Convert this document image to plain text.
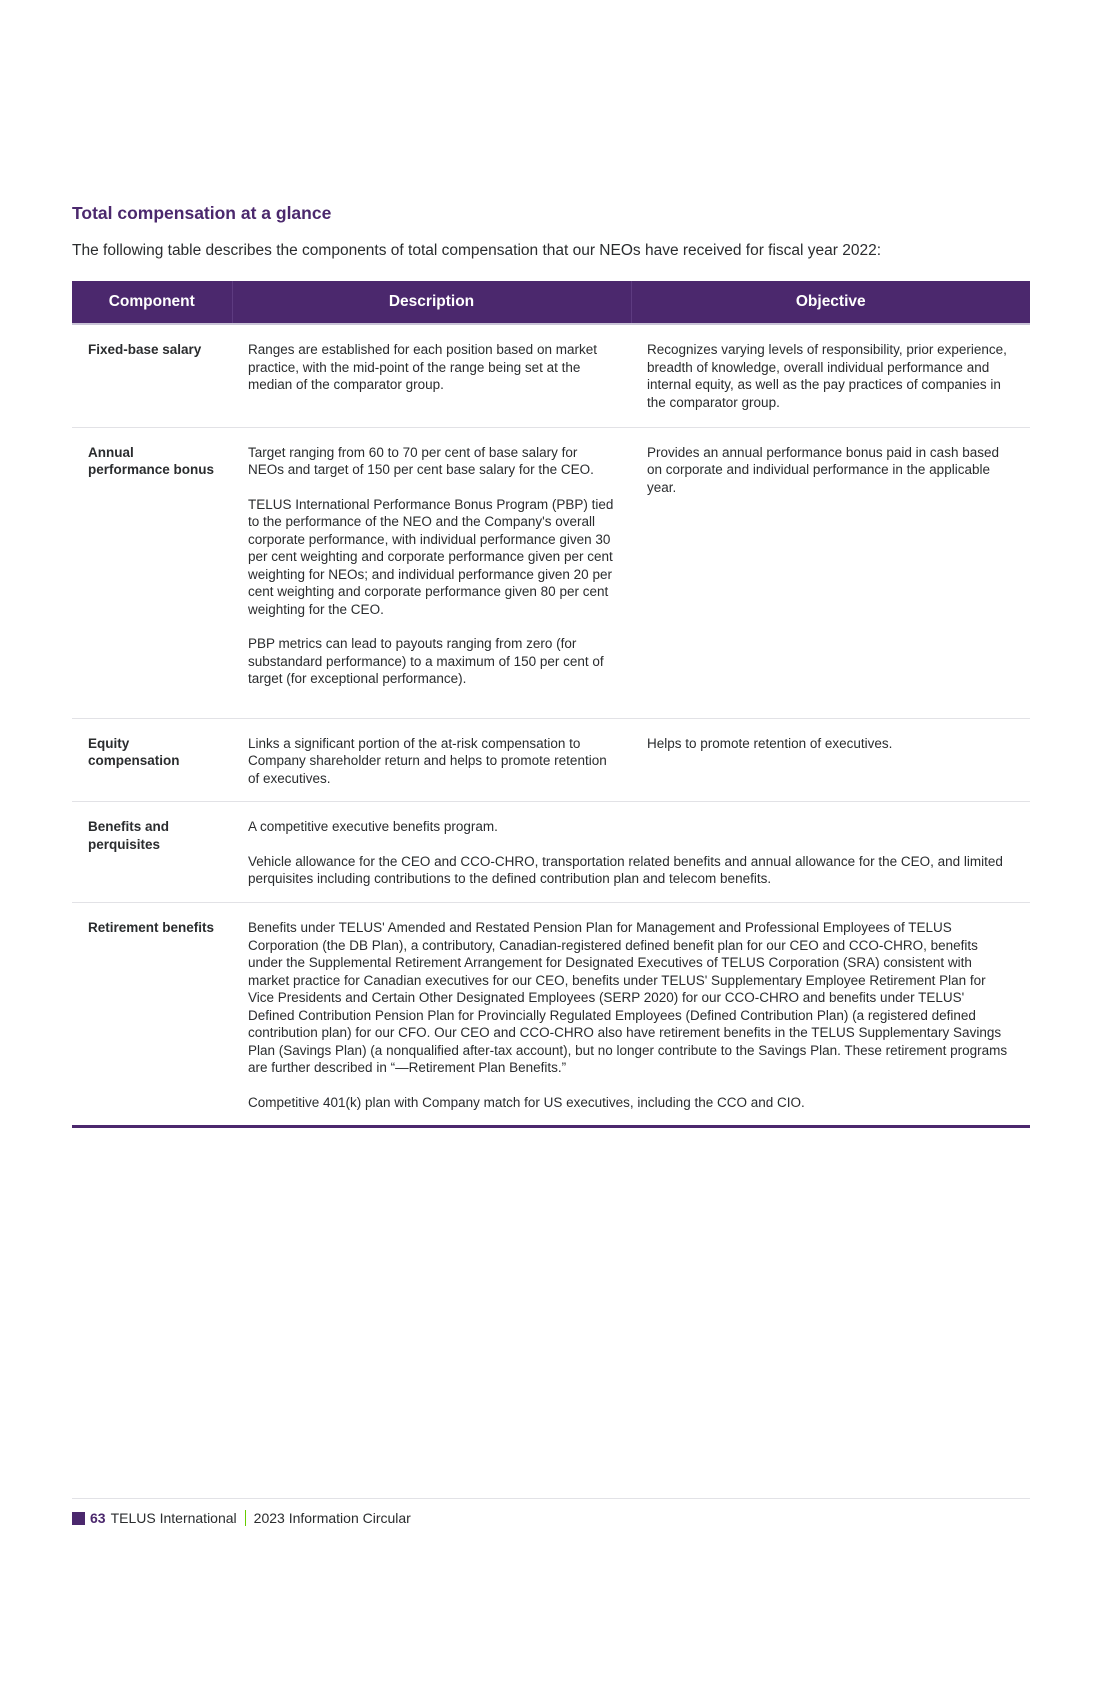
Total compensation at a glance

The following table describes the components of total compensation that our NEOs have received for fiscal year 2022:

Component	Description	Objective
Fixed-base salary	Ranges are established for each position based on market practice, with the mid-point of the range being set at the median of the comparator group.	Recognizes varying levels of responsibility, prior experience, breadth of knowledge, overall individual performance and internal equity, as well as the pay practices of companies in the comparator group.
Annual performance bonus	Target ranging from 60 to 70 per cent of base salary for NEOs and target of 150 per cent base salary for the CEO.

TELUS International Performance Bonus Program (PBP) tied to the performance of the NEO and the Company's overall corporate performance, with individual performance given 30 per cent weighting and corporate performance given per cent weighting for NEOs; and individual performance given 20 per cent weighting and corporate performance given 80 per cent weighting for the CEO.

PBP metrics can lead to payouts ranging from zero (for substandard performance) to a maximum of 150 per cent of target (for exceptional performance).	Provides an annual performance bonus paid in cash based on corporate and individual performance in the applicable year.
Equity compensation	Links a significant portion of the at-risk compensation to Company shareholder return and helps to promote retention of executives.	Helps to promote retention of executives.
Benefits and perquisites	A competitive executive benefits program.

Vehicle allowance for the CEO and CCO-CHRO, transportation related benefits and annual allowance for the CEO, and limited perquisites including contributions to the defined contribution plan and telecom benefits.	

Retirement benefits	Benefits under TELUS' Amended and Restated Pension Plan for Management and Professional Employees of TELUS Corporation (the DB Plan), a contributory, Canadian-registered defined benefit plan for our CEO and CCO-CHRO, benefits under the Supplemental Retirement Arrangement for Designated Executives of TELUS Corporation (SRA) consistent with market practice for Canadian executives for our CEO, benefits under TELUS' Supplementary Employee Retirement Plan for Vice Presidents and Certain Other Designated Employees (SERP 2020) for our CCO-CHRO and benefits under TELUS' Defined Contribution Pension Plan for Provincially Regulated Employees (Defined Contribution Plan) (a registered defined contribution plan) for our CFO. Our CEO and CCO-CHRO also have retirement benefits in the TELUS Supplementary Savings Plan (Savings Plan) (a nonqualified after-tax account), but no longer contribute to the Savings Plan. These retirement programs are further described in “—Retirement Plan Benefits.”

Competitive 401(k) plan with Company match for US executives, including the CCO and CIO.	

63 TELUS International 2023 Information Circular
